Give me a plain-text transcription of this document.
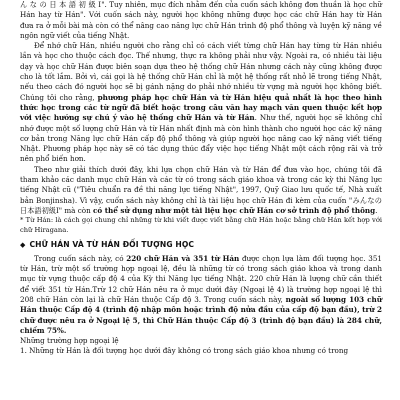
ん な の 日 本 語 初 級 Ⅰ". Tuy nhiên, mục đích nhằm đến của cuốn sách không đơn thuần là học chữ Hán hay từ Hán". Với cuốn sách này, người học không những được học các chữ Hán hay từ Hán đưa ra ở mỗi bài mà còn có thể nâng cao năng lực chữ Hán trình độ phổ thông và luyện kỹ năng về ngôn ngữ viết của tiếng Nhật.

Để nhớ chữ Hán, nhiều người cho rằng chỉ có cách viết từng chữ Hán hay từng từ Hán nhiều lần và học cho thuộc cách đọc. Thế nhưng, thực ra không phải như vậy. Ngoài ra, có nhiều tài liệu dạy và học chữ Hán được biên soạn dựa theo hệ thống chữ Hán nhưng cách này cũng không được cho là tốt lắm. Bởi vì, cái gọi là hệ thống chữ Hán chỉ là một hệ thống rất nhỏ lẽ trong tiếng Nhật, nếu theo cách đó người học sẽ bị gánh nặng do phải nhớ nhiều từ vựng mà người học không biết. Chúng tôi cho rằng, phương pháp học chữ Hán và từ Hán hiệu quả nhất là học theo hình thức học trong các từ ngữ đã biết hoặc trong câu văn hay mạch văn quen thuộc kết hợp với việc hướng sự chú ý vào hệ thống chữ Hán và từ Hán. Như thế, người học sẽ không chỉ nhớ được một số lượng chữ Hán và từ Hán nhất định mà còn hình thành cho người học các kỹ năng cơ bản trong Năng lực chữ Hán cấp độ phổ thông và giúp người học nâng cao kỹ năng viết tiếng Nhật. Phương pháp học này sẽ có tác dụng thúc đẩy việc học tiếng Nhật một cách rộng rãi và trở nên phổ biến hơn.

Theo như giải thích dưới đây, khi lựa chọn chữ Hán và từ Hán để đưa vào học, chúng tôi đã tham khảo các danh mục chữ Hán và các từ có trong sách giáo khoa và trong các kỳ thi Năng lực tiếng Nhật cũ ("Tiêu chuẩn ra đề thi năng lực tiếng Nhật", 1997, Quỹ Giao lưu quốc tế, Nhà xuất bản Bonjinsha). Vì vậy, cuốn sách này không chỉ là tài liệu học chữ Hán đi kèm của cuốn "みんなの日本語初級Ⅰ" mà còn có thể sử dụng như một tài liệu học chữ Hán cơ sở trình độ phổ thông.

* Từ Hán: là cách gọi chung chỉ những từ khi viết được viết bằng chữ Hán hoặc bằng chữ Hán kết hợp với chữ Hiragana.

◆ CHỮ HÁN VÀ TỪ HÁN ĐỐI TƯỢNG HỌC

Trong cuốn sách này, có 220 chữ Hán và 351 từ Hán được chọn lựa làm đối tượng học. 351 từ Hán, trừ một số trường hợp ngoại lệ, đều là những từ có trong sách giáo khoa và trong danh mục từ vựng thuộc cấp độ 4 của Kỳ thi Năng lực tiếng Nhật. 220 chữ Hán là lượng chữ cần thiết để viết 351 từ Hán.Trừ 12 chữ Hán nêu ra ở mục dưới đây (Ngoại lệ 4) là trường hợp ngoại lệ thì 208 chữ Hán còn lại là chữ Hán thuộc Cấp độ 3. Trong cuốn sách này, ngoài số lượng 103 chữ Hán thuộc Cấp độ 4 (trình độ nhập môn hoặc trình độ nửa đầu của cấp độ bạn đầu), trừ 2 chữ được nêu ra ở Ngoại lệ 5, thì Chữ Hán thuộc Cấp độ 3 (trình độ bạn đầu) là 284 chữ, chiếm 75%.

Những trường hợp ngoại lệ

1. Những từ Hán là đối tượng học dưới đây không có trong sách giáo khoa nhưng có trong
